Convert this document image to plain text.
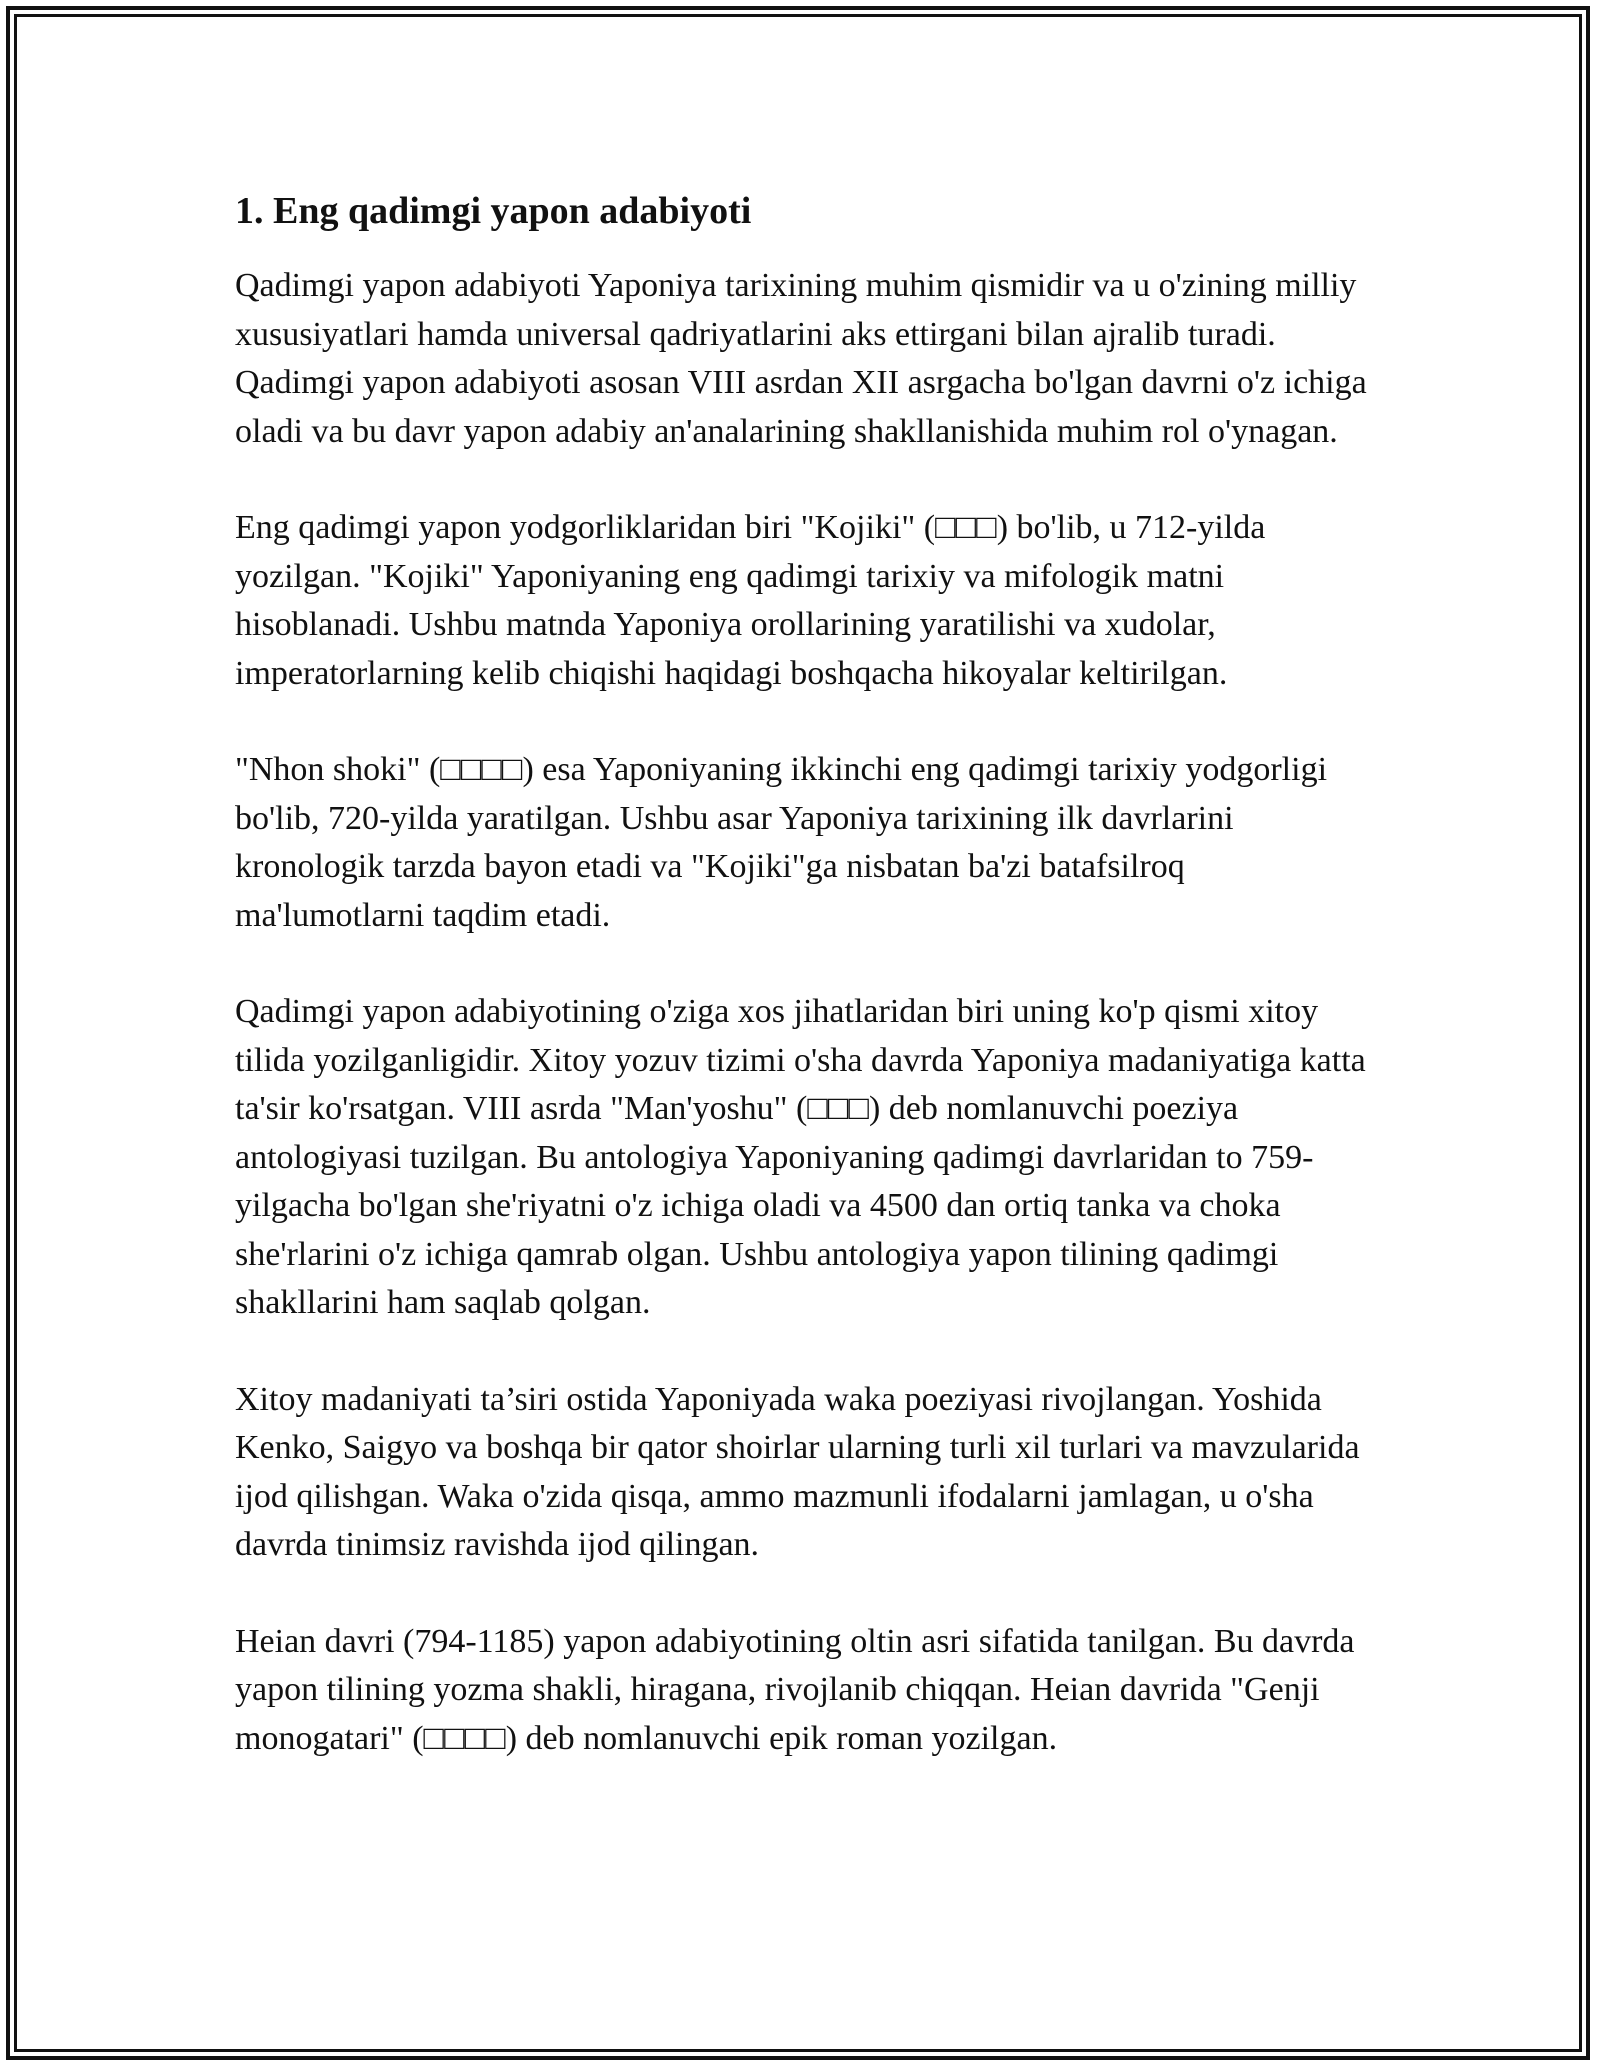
1. Eng qadimgi yapon adabiyoti

Qadimgi yapon adabiyoti Yaponiya tarixining muhim qismidir va u o'zining milliy xususiyatlari hamda universal qadriyatlarini aks ettirgani bilan ajralib turadi. Qadimgi yapon adabiyoti asosan VIII asrdan XII asrgacha bo'lgan davrni o'z ichiga oladi va bu davr yapon adabiy an'analarining shakllanishida muhim rol o'ynagan.

Eng qadimgi yapon yodgorliklaridan biri "Kojiki" (□□□) bo'lib, u 712-yilda yozilgan. "Kojiki" Yaponiyaning eng qadimgi tarixiy va mifologik matni hisoblanadi. Ushbu matnda Yaponiya orollarining yaratilishi va xudolar, imperatorlarning kelib chiqishi haqidagi boshqacha hikoyalar keltirilgan.

"Nhon shoki" (□□□□) esa Yaponiyaning ikkinchi eng qadimgi tarixiy yodgorligi bo'lib, 720-yilda yaratilgan. Ushbu asar Yaponiya tarixining ilk davrlarini kronologik tarzda bayon etadi va "Kojiki"ga nisbatan ba'zi batafsilroq ma'lumotlarni taqdim etadi.

Qadimgi yapon adabiyotining o'ziga xos jihatlaridan biri uning ko'p qismi xitoy tilida yozilganligidir. Xitoy yozuv tizimi o'sha davrda Yaponiya madaniyatiga katta ta'sir ko'rsatgan. VIII asrda "Man'yoshu" (□□□) deb nomlanuvchi poeziya antologiyasi tuzilgan. Bu antologiya Yaponiyaning qadimgi davrlaridan to 759-yilgacha bo'lgan she'riyatni o'z ichiga oladi va 4500 dan ortiq tanka va choka she'rlarini o'z ichiga qamrab olgan. Ushbu antologiya yapon tilining qadimgi shakllarini ham saqlab qolgan.

Xitoy madaniyati ta’siri ostida Yaponiyada waka poeziyasi rivojlangan. Yoshida Kenko, Saigyo va boshqa bir qator shoirlar ularning turli xil turlari va mavzularida ijod qilishgan. Waka o'zida qisqa, ammo mazmunli ifodalarni jamlagan, u o'sha davrda tinimsiz ravishda ijod qilingan.

Heian davri (794-1185) yapon adabiyotining oltin asri sifatida tanilgan. Bu davrda yapon tilining yozma shakli, hiragana, rivojlanib chiqqan. Heian davrida "Genji monogatari" (□□□□) deb nomlanuvchi epik roman yozilgan.
